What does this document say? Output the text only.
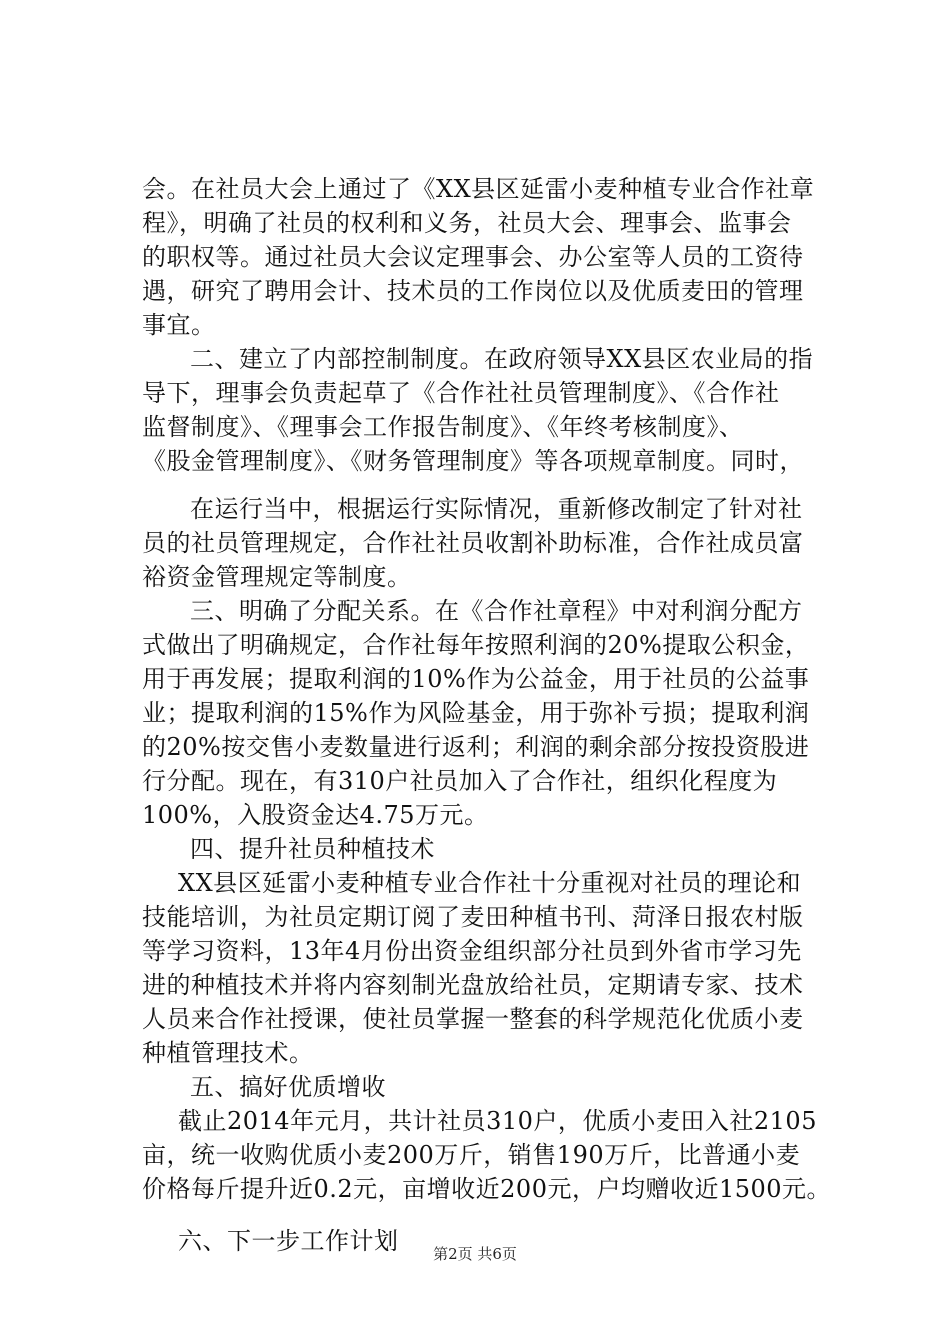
会。在社员大会上通过了《XX县区延雷小麦种植专业合作社章
程》，明确了社员的权利和义务，社员大会、理事会、监事会
的职权等。通过社员大会议定理事会、办公室等人员的工资待
遇，研究了聘用会计、技术员的工作岗位以及优质麦田的管理
事宜。
二、建立了内部控制制度。在政府领导XX县区农业局的指
导下，理事会负责起草了《合作社社员管理制度》、《合作社
监督制度》、《理事会工作报告制度》、《年终考核制度》、
《股金管理制度》、《财务管理制度》等各项规章制度。同时，
在运行当中，根据运行实际情况，重新修改制定了针对社
员的社员管理规定，合作社社员收割补助标准，合作社成员富
裕资金管理规定等制度。
三、明确了分配关系。在《合作社章程》中对利润分配方
式做出了明确规定，合作社每年按照利润的20%提取公积金，
用于再发展；提取利润的10%作为公益金，用于社员的公益事
业；提取利润的15%作为风险基金，用于弥补亏损；提取利润
的20%按交售小麦数量进行返利；利润的剩余部分按投资股进
行分配。现在，有310户社员加入了合作社，组织化程度为
100%，入股资金达4.75万元。
四、提升社员种植技术
XX县区延雷小麦种植专业合作社十分重视对社员的理论和
技能培训，为社员定期订阅了麦田种植书刊、菏泽日报农村版
等学习资料，13年4月份出资金组织部分社员到外省市学习先
进的种植技术并将内容刻制光盘放给社员，定期请专家、技术
人员来合作社授课，使社员掌握一整套的科学规范化优质小麦
种植管理技术。
五、搞好优质增收
截止2014年元月，共计社员310户，优质小麦田入社2105
亩，统一收购优质小麦200万斤，销售190万斤，比普通小麦
价格每斤提升近0.2元，亩增收近200元，户均赠收近1500元。
六、下一步工作计划	第2页 共6页
